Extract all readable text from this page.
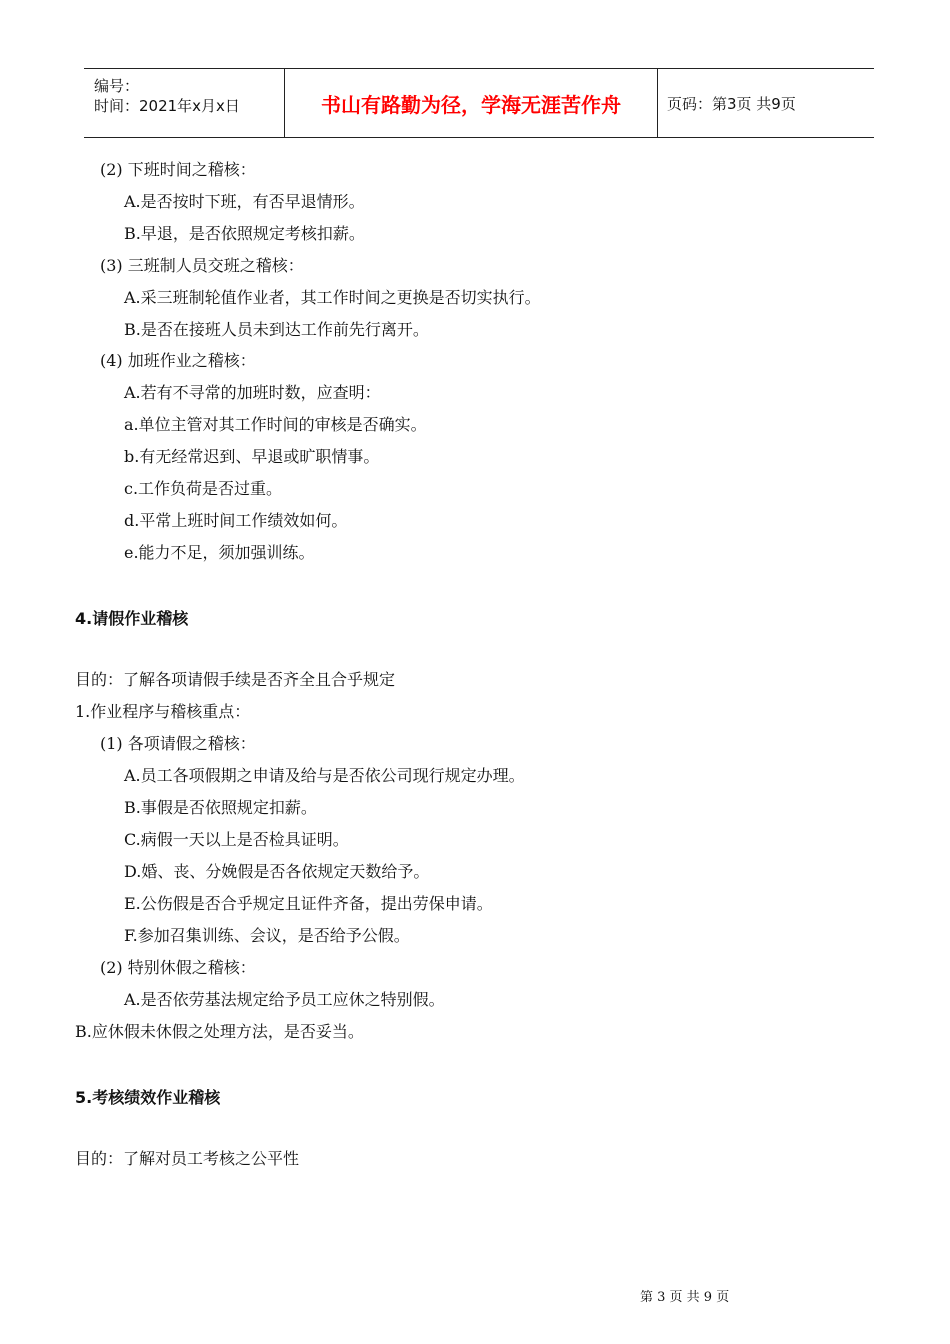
编号：
时间：2021年x月x日	书山有路勤为径，学海无涯苦作舟	页码：第3页 共9页
(2) 下班时间之稽核：
A.是否按时下班，有否早退情形。
B.早退，是否依照规定考核扣薪。
(3) 三班制人员交班之稽核：
A.采三班制轮值作业者，其工作时间之更换是否切实执行。
B.是否在接班人员未到达工作前先行离开。
(4) 加班作业之稽核：
A.若有不寻常的加班时数，应查明：
a.单位主管对其工作时间的审核是否确实。
b.有无经常迟到、早退或旷职情事。
c.工作负荷是否过重。
d.平常上班时间工作绩效如何。
e.能力不足，须加强训练。
4.请假作业稽核
目的：了解各项请假手续是否齐全且合乎规定
1.作业程序与稽核重点：
(1) 各项请假之稽核：
A.员工各项假期之申请及给与是否依公司现行规定办理。
B.事假是否依照规定扣薪。
C.病假一天以上是否检具证明。
D.婚、丧、分娩假是否各依规定天数给予。
E.公伤假是否合乎规定且证件齐备，提出劳保申请。
F.参加召集训练、会议，是否给予公假。
(2) 特别休假之稽核：
A.是否依劳基法规定给予员工应休之特别假。
B.应休假未休假之处理方法，是否妥当。
5.考核绩效作业稽核
目的：了解对员工考核之公平性
第 3 页 共 9 页
